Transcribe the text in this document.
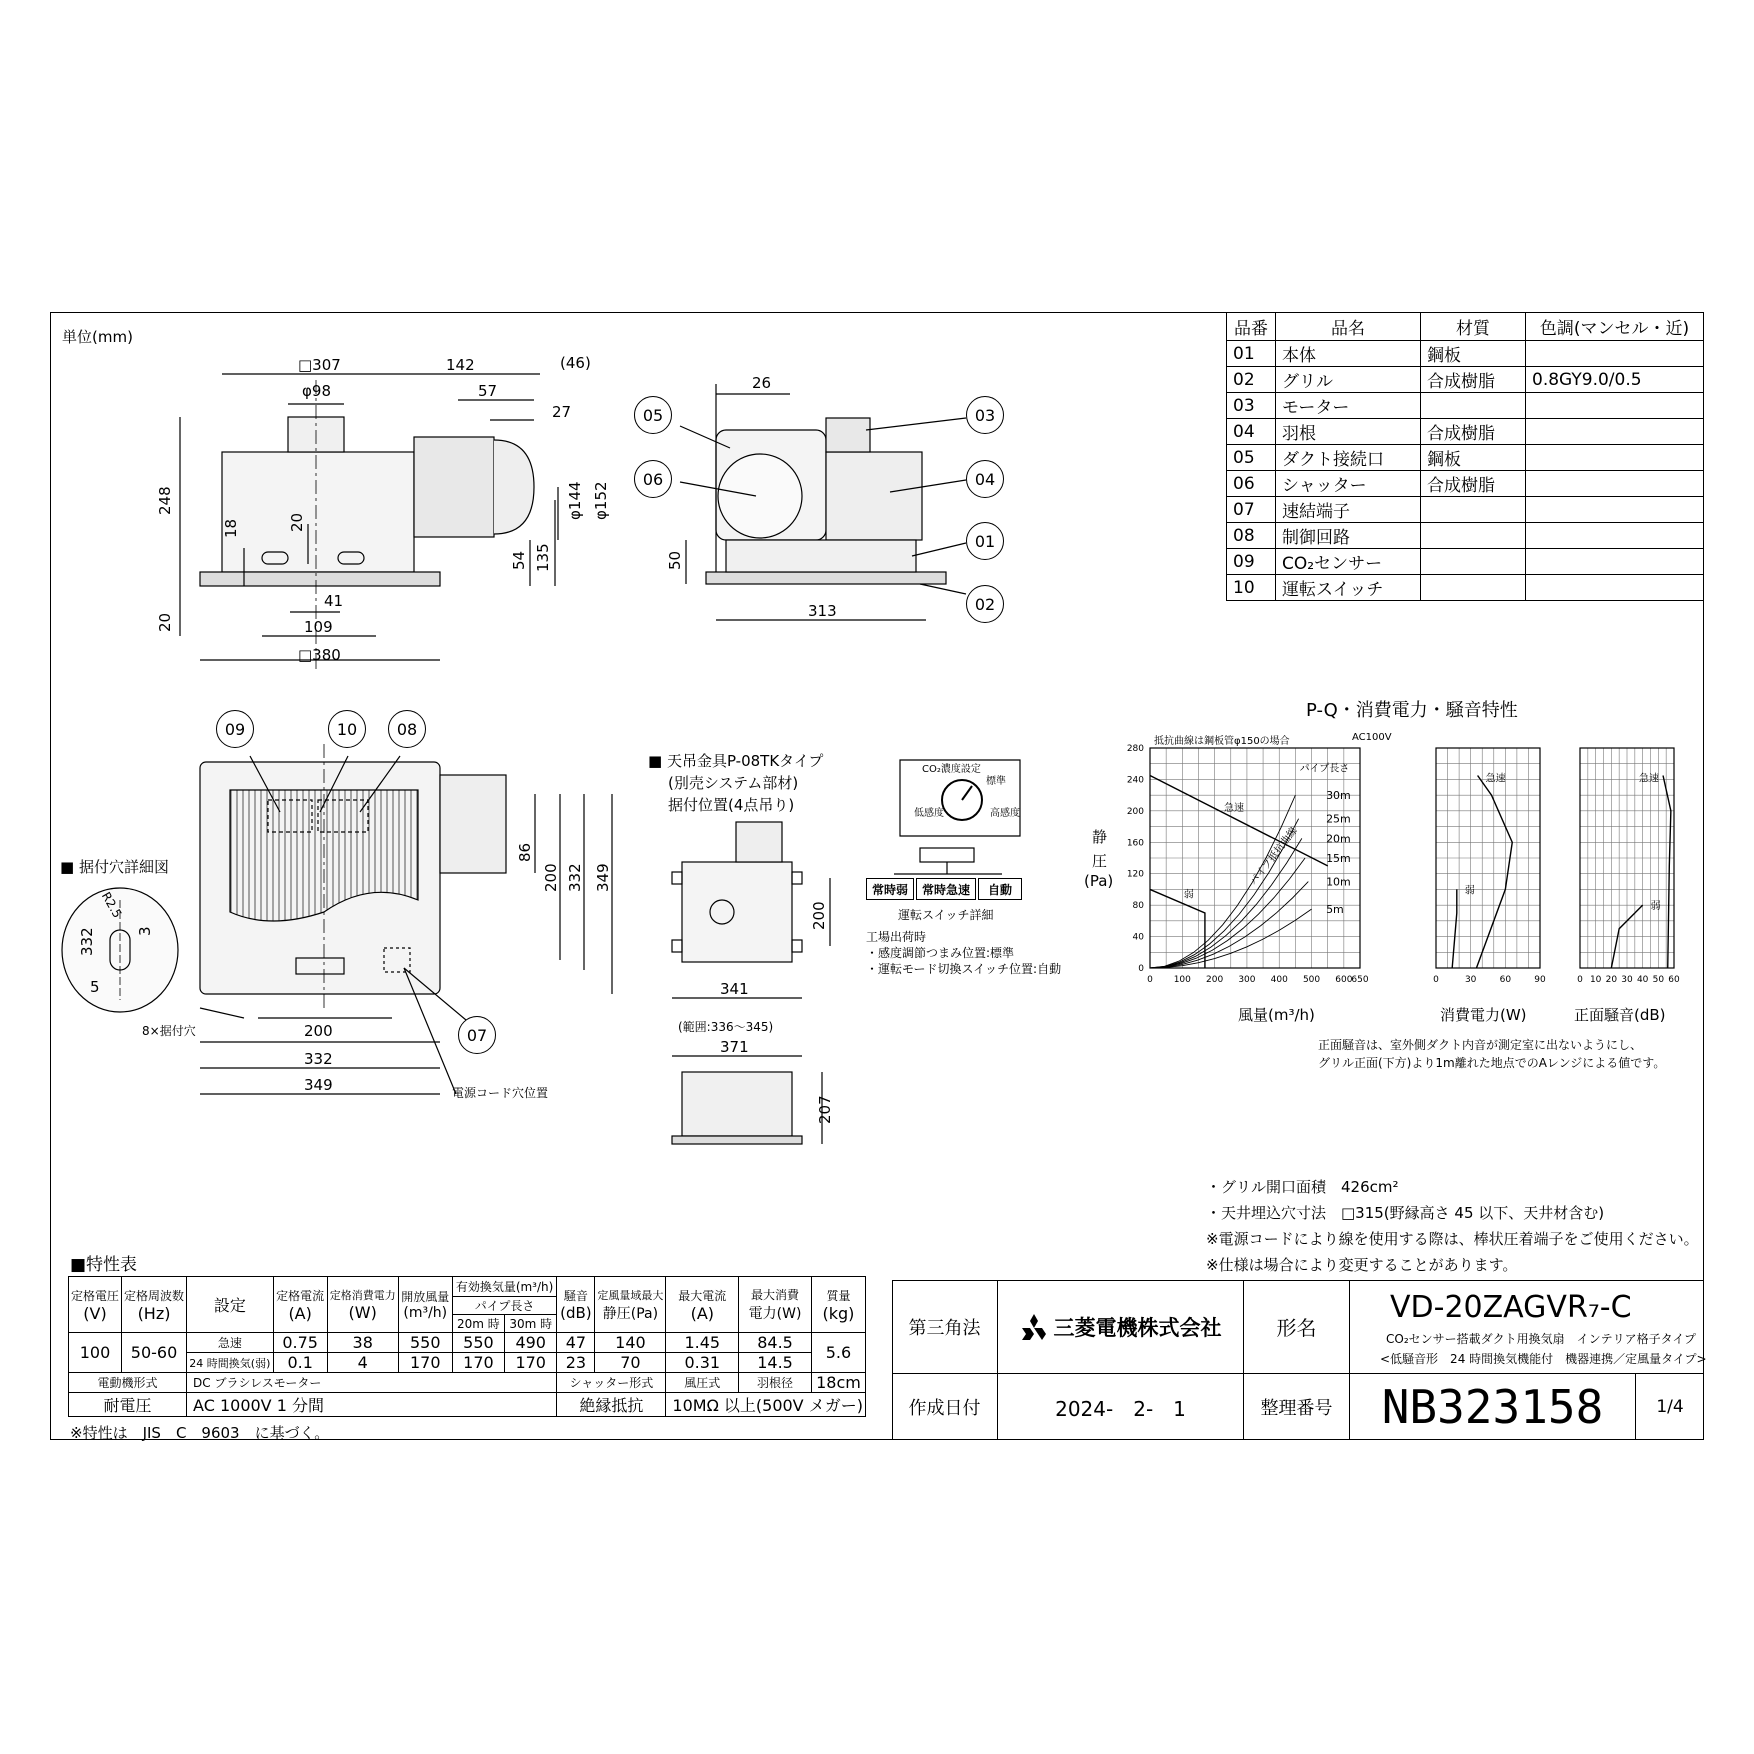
単位(mm)	品番	品名	材質	色調(マンセル・近)
01	本体	鋼板	
02	グリル	合成樹脂	0.8GY9.0/0.5
03	モーター		
04	羽根	合成樹脂	
05	ダクト接続口	鋼板	
06	シャッター	合成樹脂	
07	速結端子		
08	制御回路		
09	CO₂センサー		
10	運転スイッチ		
□307	142	(46)
φ98	57
27
248
18	20
φ144 φ152
54 135
41
109
□380
20
26
50
313
05
06
03
04
01
02
09	10	08
07
86
200 332 349
200
332
349
■ 据付穴詳細図
R2.5
3
332
5
8×据付穴
電源コード穴位置
■ 天吊金具P-08TKタイプ
(別売システム部材)
据付位置(4点吊り)
200
341
(範囲:336～345)
371
207
CO₂濃度設定
標準
低感度	高感度
常時弱	常時急速	自動
運転スイッチ詳細
工場出荷時
・感度調節つまみ位置:標準
・運転モード切換スイッチ位置:自動
P-Q・消費電力・騒音特性
抵抗曲線は鋼板管φ150の場合	AC100V
静
圧
(Pa)
風量(m³/h)	消費電力(W)	正面騒音(dB)
正面騒音は、室外側ダクト内音が測定室に出ないようにし、
グリル正面(下方)より1m離れた地点でのAレンジによる値です。
0 100 200 300 400 500 600
650
0
40
80
120
160
200
240
280
急速
弱
30m
25m
20m
15m
10m
5m
パイプ長さ
パイプ抵抗曲線
0	30	60	90
急速
弱
0 10 20 30 40 50 60
急速
弱
・グリル開口面積　426cm²
・天井埋込穴寸法　□315(野縁高さ 45 以下、天井材含む)
※電源コードにより線を使用する際は、棒状圧着端子をご使用ください。
※仕様は場合により変更することがあります。
■特性表
定格電圧
(V)	定格周波数
(Hz)	設定	定格電流
(A)	定格消費電力
(W)	開放風量
(m³/h)	有効換気量(m³/h)		騒音
(dB)	定風量域最大
静圧(Pa)	最大電流
(A)	最大消費
電力(W)	質量
(kg)
						パイプ長さ						
						20m 時	30m 時					
100	50-60	急速	0.75	38	550	550	490	47	140	1.45	84.5	5.6
		24 時間換気(弱)	0.1	4	170	170	170	23	70	0.31	14.5	
電動機形式		DC ブラシレスモーター						シャッター形式		風圧式	羽根径	18cm
耐電圧		AC 1000V 1 分間						絶縁抵抗		10MΩ 以上(500V メガー)		
※特性は　JIS　C　9603　に基づく。
第三角法	三菱電機株式会社	形名
VD-20ZAGVR₇-C
CO₂センサー搭載ダクト用換気扇　インテリア格子タイプ
<低騒音形　24 時間換気機能付　機器連携／定風量タイプ>
作成日付	2024-　2-　1	整理番号	NB323158	1/4
